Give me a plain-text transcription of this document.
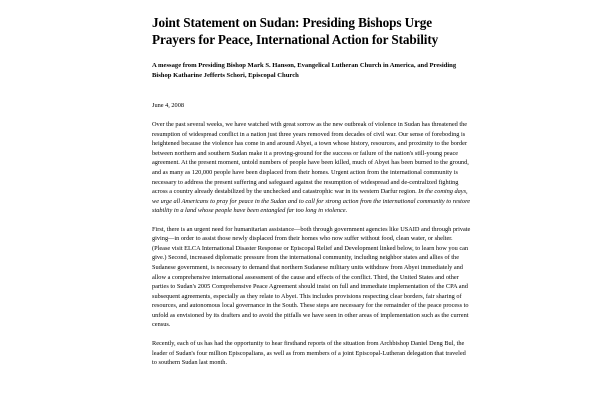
Joint Statement on Sudan: Presiding Bishops Urge Prayers for Peace, International Action for Stability

A message from Presiding Bishop Mark S. Hanson, Evangelical Lutheran Church in America, and Presiding Bishop Katharine Jefferts Schori, Episcopal Church

June 4, 2008

Over the past several weeks, we have watched with great sorrow as the new outbreak of violence in Sudan has threatened the resumption of widespread conflict in a nation just three years removed from decades of civil war. Our sense of foreboding is heightened because the violence has come in and around Abyei, a town whose history, resources, and proximity to the border between northern and southern Sudan make it a proving-ground for the success or failure of the nation's still-young peace agreement. At the present moment, untold numbers of people have been killed, much of Abyei has been burned to the ground, and as many as 120,000 people have been displaced from their homes. Urgent action from the international community is necessary to address the present suffering and safeguard against the resumption of widespread and de-centralized fighting across a country already destabilized by the unchecked and catastrophic war in its western Darfur region. In the coming days, we urge all Americans to pray for peace in the Sudan and to call for strong action from the international community to restore stability in a land whose people have been entangled far too long in violence.

First, there is an urgent need for humanitarian assistance—both through government agencies like USAID and through private giving—in order to assist those newly displaced from their homes who now suffer without food, clean water, or shelter. (Please visit ELCA International Disaster Response or Episcopal Relief and Development linked below, to learn how you can give.) Second, increased diplomatic pressure from the international community, including neighbor states and allies of the Sudanese government, is necessary to demand that northern Sudanese military units withdraw from Abyei immediately and allow a comprehensive international assessment of the cause and effects of the conflict. Third, the United States and other parties to Sudan's 2005 Comprehensive Peace Agreement should insist on full and immediate implementation of the CPA and subsequent agreements, especially as they relate to Abyei. This includes provisions respecting clear borders, fair sharing of resources, and autonomous local governance in the South. These steps are necessary for the remainder of the peace process to unfold as envisioned by its drafters and to avoid the pitfalls we have seen in other areas of implementation such as the current census.

Recently, each of us has had the opportunity to hear firsthand reports of the situation from Archbishop Daniel Deng Bul, the leader of Sudan's four million Episcopalians, as well as from members of a joint Episcopal-Lutheran delegation that traveled to southern Sudan last month.
